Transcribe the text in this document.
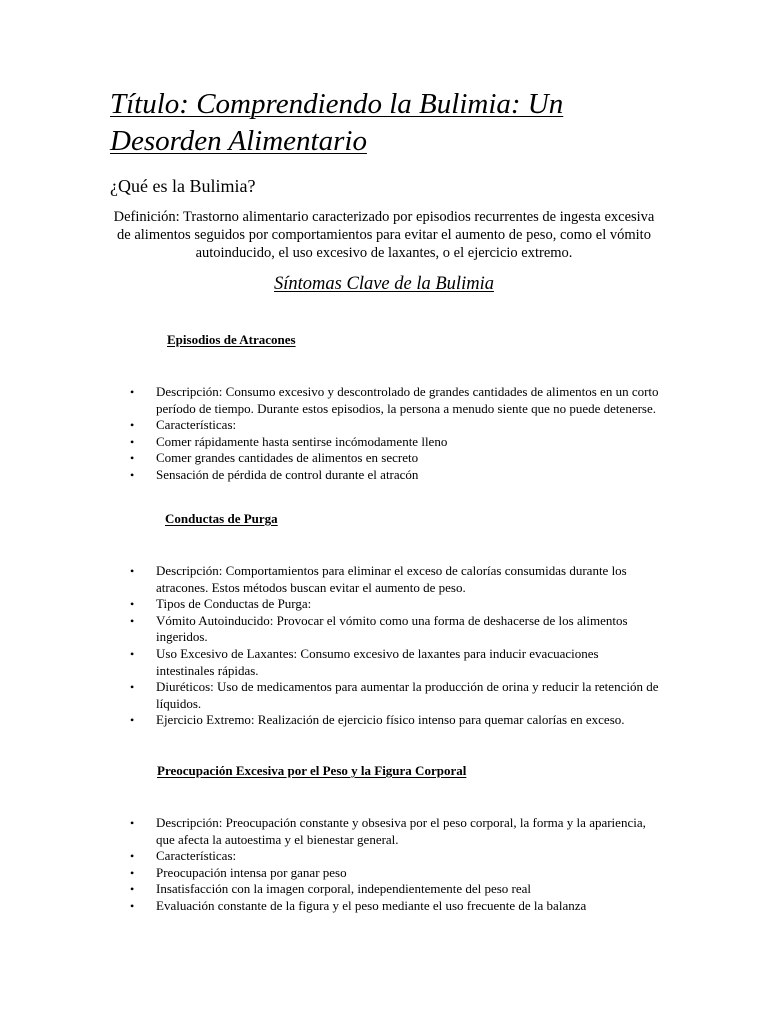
Título: Comprendiendo la Bulimia: Un Desorden Alimentario
¿Qué es la Bulimia?

Definición: Trastorno alimentario caracterizado por episodios recurrentes de ingesta excesiva de alimentos seguidos por comportamientos para evitar el aumento de peso, como el vómito autoinducido, el uso excesivo de laxantes, o el ejercicio extremo.

Síntomas Clave de la Bulimia
Episodios de Atracones
• Descripción: Consumo excesivo y descontrolado de grandes cantidades de alimentos en un corto período de tiempo. Durante estos episodios, la persona a menudo siente que no puede detenerse.
• Características:
• Comer rápidamente hasta sentirse incómodamente lleno
• Comer grandes cantidades de alimentos en secreto
• Sensación de pérdida de control durante el atracón
Conductas de Purga
• Descripción: Comportamientos para eliminar el exceso de calorías consumidas durante los atracones. Estos métodos buscan evitar el aumento de peso.
• Tipos de Conductas de Purga:
• Vómito Autoinducido: Provocar el vómito como una forma de deshacerse de los alimentos ingeridos.
• Uso Excesivo de Laxantes: Consumo excesivo de laxantes para inducir evacuaciones intestinales rápidas.
• Diuréticos: Uso de medicamentos para aumentar la producción de orina y reducir la retención de líquidos.
• Ejercicio Extremo: Realización de ejercicio físico intenso para quemar calorías en exceso.
Preocupación Excesiva por el Peso y la Figura Corporal
• Descripción: Preocupación constante y obsesiva por el peso corporal, la forma y la apariencia, que afecta la autoestima y el bienestar general.
• Características:
• Preocupación intensa por ganar peso
• Insatisfacción con la imagen corporal, independientemente del peso real
• Evaluación constante de la figura y el peso mediante el uso frecuente de la balanza
